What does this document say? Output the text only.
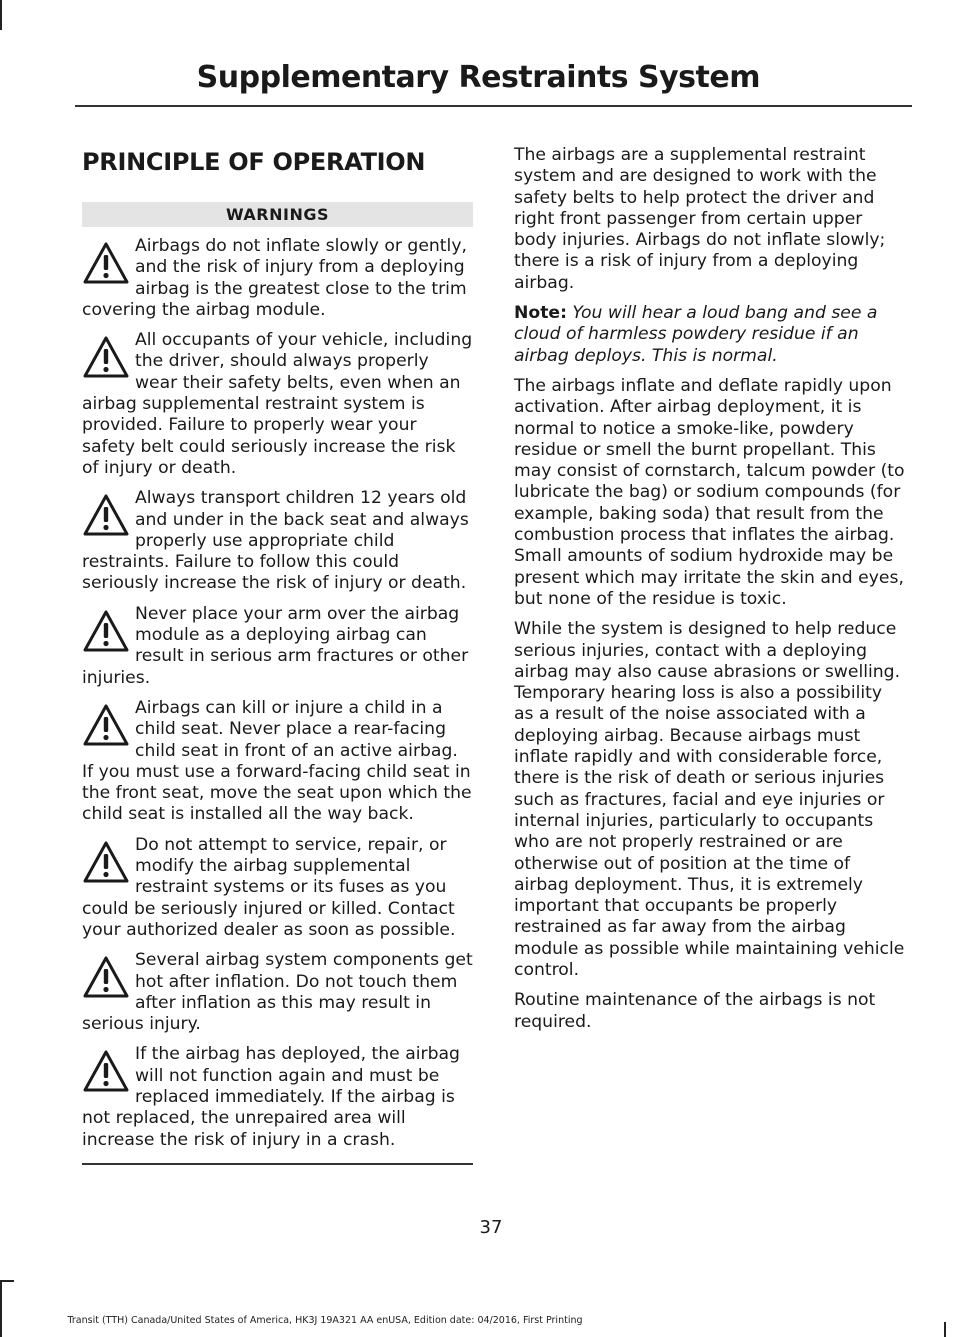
Supplementary Restraints System
PRINCIPLE OF OPERATION
WARNINGS
Airbags do not inflate slowly or gently, and the risk of injury from a deploying airbag is the greatest close to the trim covering the airbag module.
All occupants of your vehicle, including the driver, should always properly wear their safety belts, even when an airbag supplemental restraint system is provided. Failure to properly wear your safety belt could seriously increase the risk of injury or death.
Always transport children 12 years old and under in the back seat and always properly use appropriate child restraints. Failure to follow this could seriously increase the risk of injury or death.
Never place your arm over the airbag module as a deploying airbag can result in serious arm fractures or other injuries.
Airbags can kill or injure a child in a child seat. Never place a rear-facing child seat in front of an active airbag. If you must use a forward-facing child seat in the front seat, move the seat upon which the child seat is installed all the way back.
Do not attempt to service, repair, or modify the airbag supplemental restraint systems or its fuses as you could be seriously injured or killed. Contact your authorized dealer as soon as possible.
Several airbag system components get hot after inflation. Do not touch them after inflation as this may result in serious injury.
If the airbag has deployed, the airbag will not function again and must be replaced immediately. If the airbag is not replaced, the unrepaired area will increase the risk of injury in a crash.

The airbags are a supplemental restraint system and are designed to work with the safety belts to help protect the driver and right front passenger from certain upper body injuries. Airbags do not inflate slowly; there is a risk of injury from a deploying airbag.

Note: You will hear a loud bang and see a cloud of harmless powdery residue if an airbag deploys. This is normal.

The airbags inflate and deflate rapidly upon activation. After airbag deployment, it is normal to notice a smoke-like, powdery residue or smell the burnt propellant. This may consist of cornstarch, talcum powder (to lubricate the bag) or sodium compounds (for example, baking soda) that result from the combustion process that inflates the airbag. Small amounts of sodium hydroxide may be present which may irritate the skin and eyes, but none of the residue is toxic.

While the system is designed to help reduce serious injuries, contact with a deploying airbag may also cause abrasions or swelling. Temporary hearing loss is also a possibility as a result of the noise associated with a deploying airbag. Because airbags must inflate rapidly and with considerable force, there is the risk of death or serious injuries such as fractures, facial and eye injuries or internal injuries, particularly to occupants who are not properly restrained or are otherwise out of position at the time of airbag deployment. Thus, it is extremely important that occupants be properly restrained as far away from the airbag module as possible while maintaining vehicle control.

Routine maintenance of the airbags is not required.

37
Transit (TTH) Canada/United States of America, HK3J 19A321 AA enUSA, Edition date: 04/2016, First Printing
